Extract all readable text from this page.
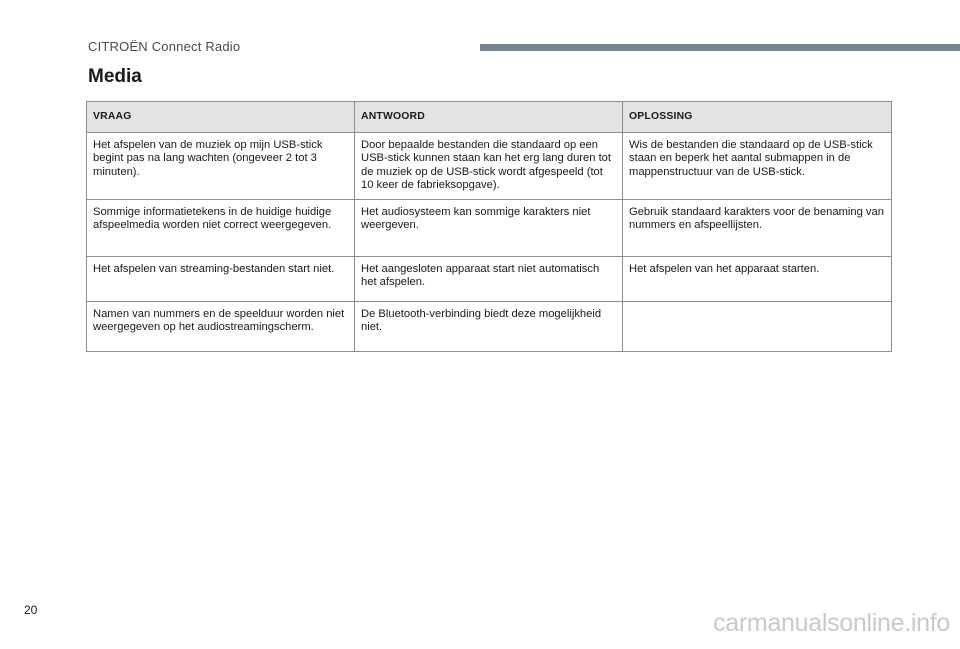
CITROËN Connect Radio
Media
VRAAG	ANTWOORD	OPLOSSING
Het afspelen van de muziek op mijn USB-stick begint pas na lang wachten (ongeveer 2 tot 3 minuten).	Door bepaalde bestanden die standaard op een USB-stick kunnen staan kan het erg lang duren tot de muziek op de USB-stick wordt afgespeeld (tot 10 keer de fabrieksopgave).	Wis de bestanden die standaard op de USB-stick staan en beperk het aantal submappen in de mappenstructuur van de USB-stick.
Sommige informatietekens in de huidige huidige afspeelmedia worden niet correct weergegeven.	Het audiosysteem kan sommige karakters niet weergeven.	Gebruik standaard karakters voor de benaming van nummers en afspeellijsten.
Het afspelen van streaming-bestanden start niet.	Het aangesloten apparaat start niet automatisch het afspelen.	Het afspelen van het apparaat starten.
Namen van nummers en de speelduur worden niet weergegeven op het audiostreamingscherm.	De Bluetooth-verbinding biedt deze mogelijkheid niet.	
20	carmanualsonline.info
